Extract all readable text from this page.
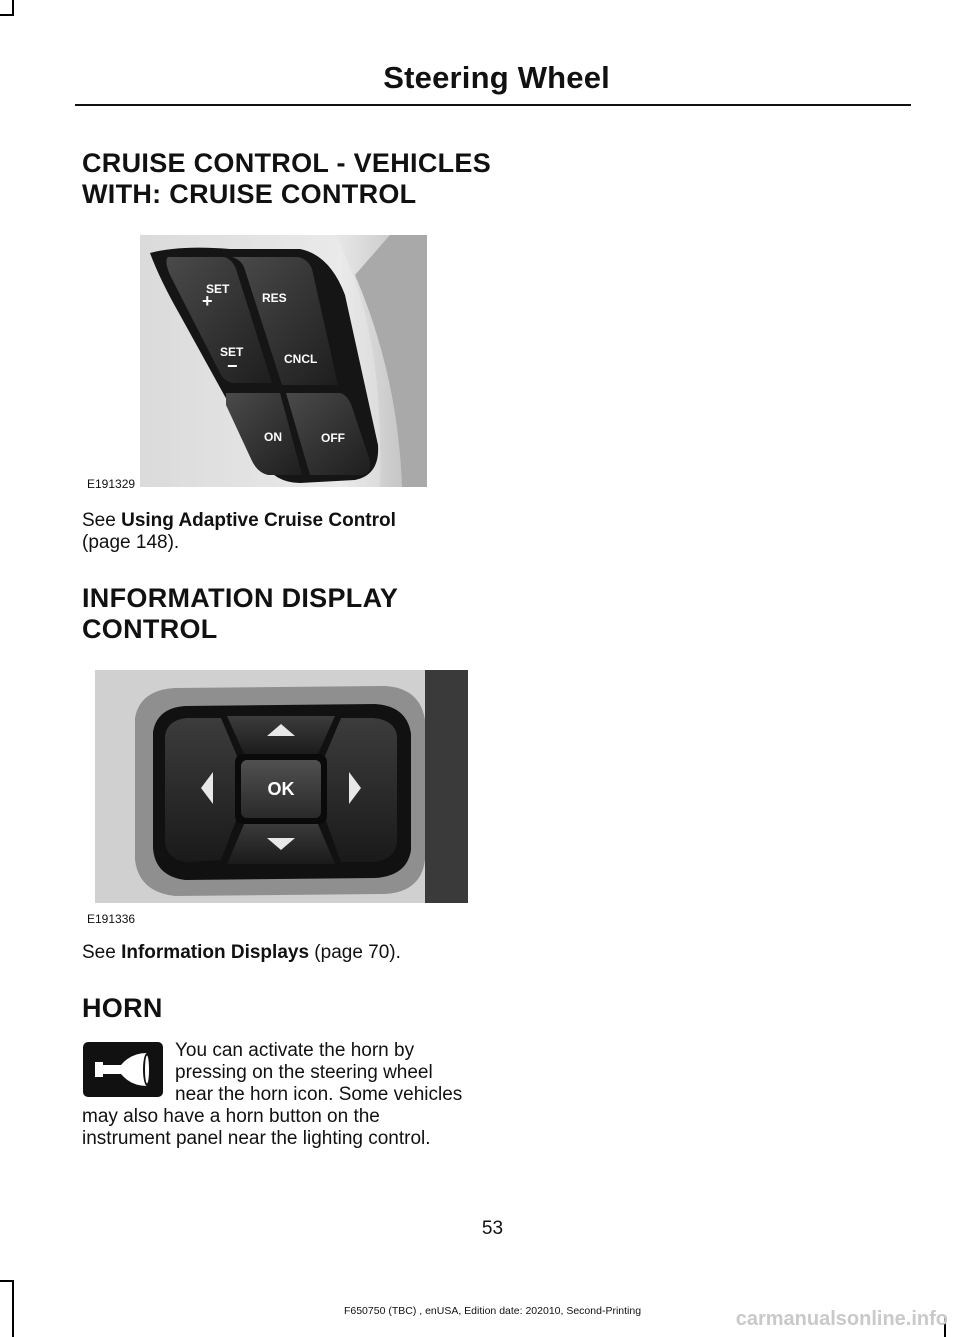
Steering Wheel
CRUISE CONTROL - VEHICLES
WITH: CRUISE CONTROL
SET
+	RES
SET
−	CNCL
ON	OFF
E191329

See Using Adaptive Cruise Control
(page 148).

INFORMATION DISPLAY
CONTROL
OK
E191336

See Information Displays (page 70).

HORN

You can activate the horn by pressing on the steering wheel near the horn icon. Some vehicles may also have a horn button on the instrument panel near the lighting control.

53
F650750 (TBC) , enUSA, Edition date: 202010, Second-Printing	carmanualsonline.info
